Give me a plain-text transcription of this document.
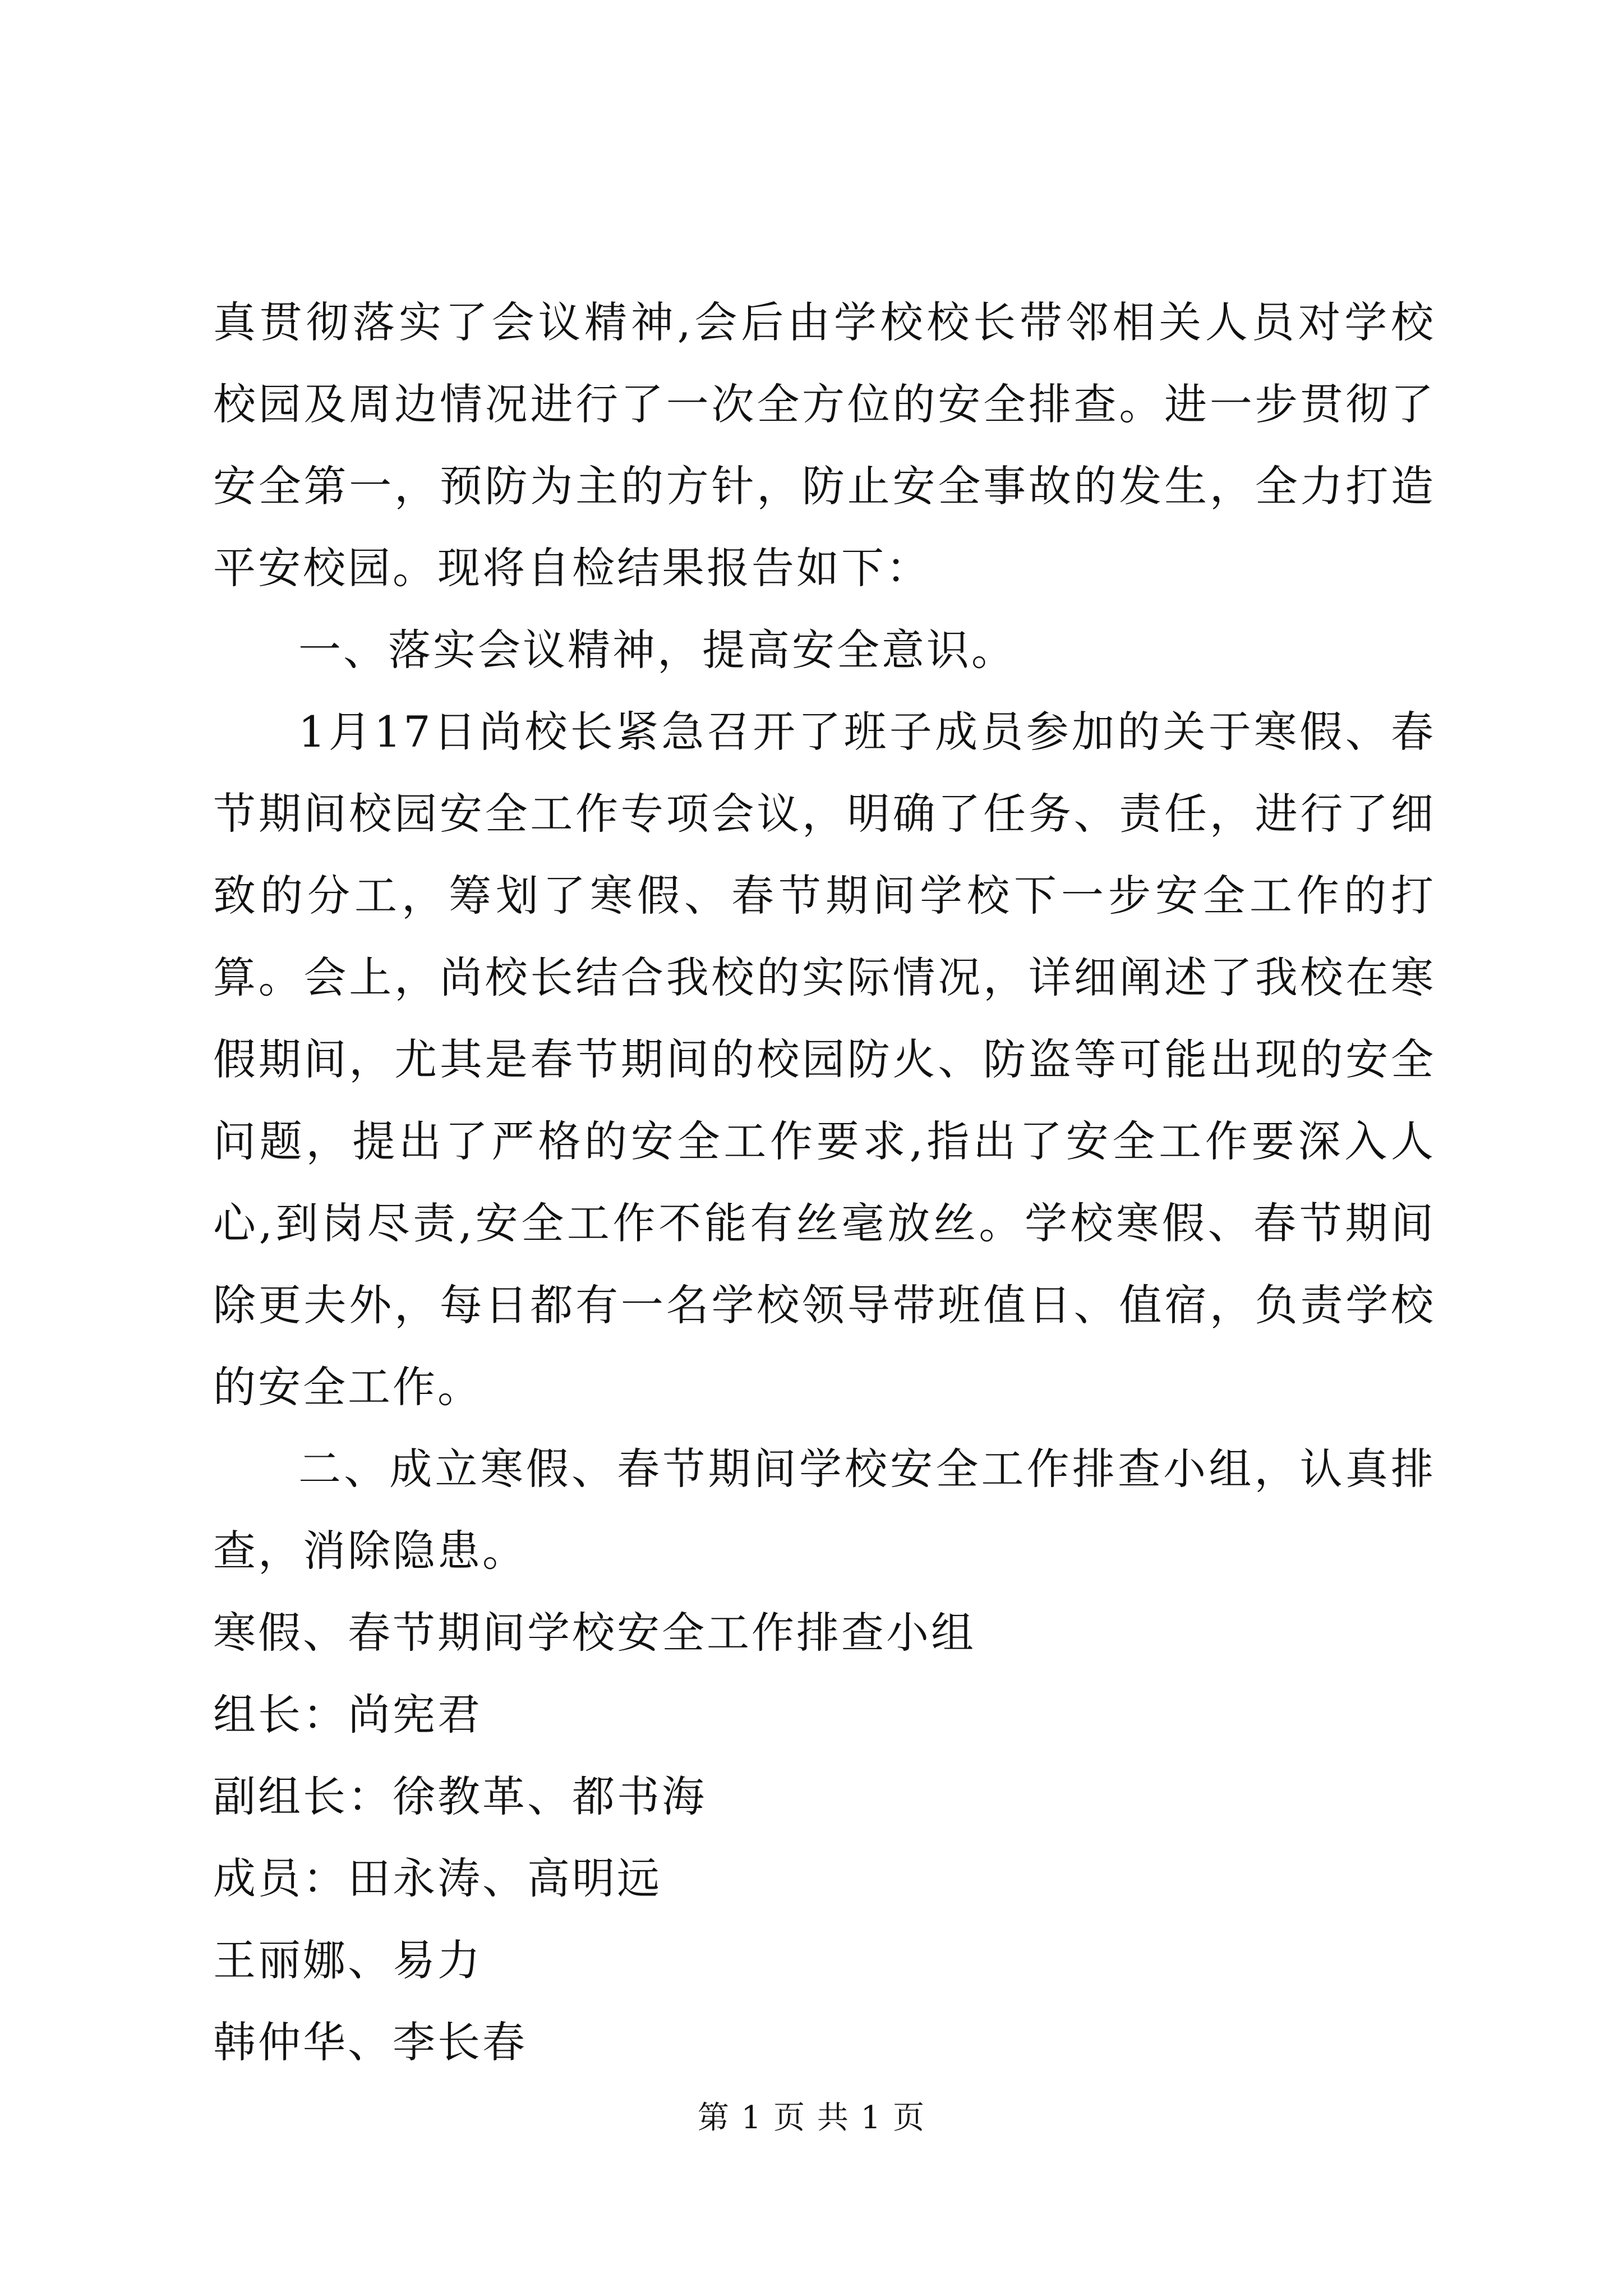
真贯彻落实了会议精神,会后由学校校长带邻相关人员对学校校园及周边情况进行了一次全方位的安全排查。进一步贯彻了安全第一，预防为主的方针，防止安全事故的发生，全力打造平安校园。现将自检结果报告如下：

一、落实会议精神，提高安全意识。

1月17日尚校长紧急召开了班子成员参加的关于寒假、春节期间校园安全工作专项会议，明确了任务、责任，进行了细致的分工，筹划了寒假、春节期间学校下一步安全工作的打算。会上，尚校长结合我校的实际情况，详细阐述了我校在寒假期间，尤其是春节期间的校园防火、防盗等可能出现的安全问题，提出了严格的安全工作要求,指出了安全工作要深入人心,到岗尽责,安全工作不能有丝毫放丝。学校寒假、春节期间除更夫外，每日都有一名学校领导带班值日、值宿，负责学校的安全工作。

二、成立寒假、春节期间学校安全工作排查小组，认真排查，消除隐患。

寒假、春节期间学校安全工作排查小组

组长：尚宪君

副组长：徐教革、都书海

成员：田永涛、高明远

王丽娜、易力

韩仲华、李长春

第 1 页 共 1 页
